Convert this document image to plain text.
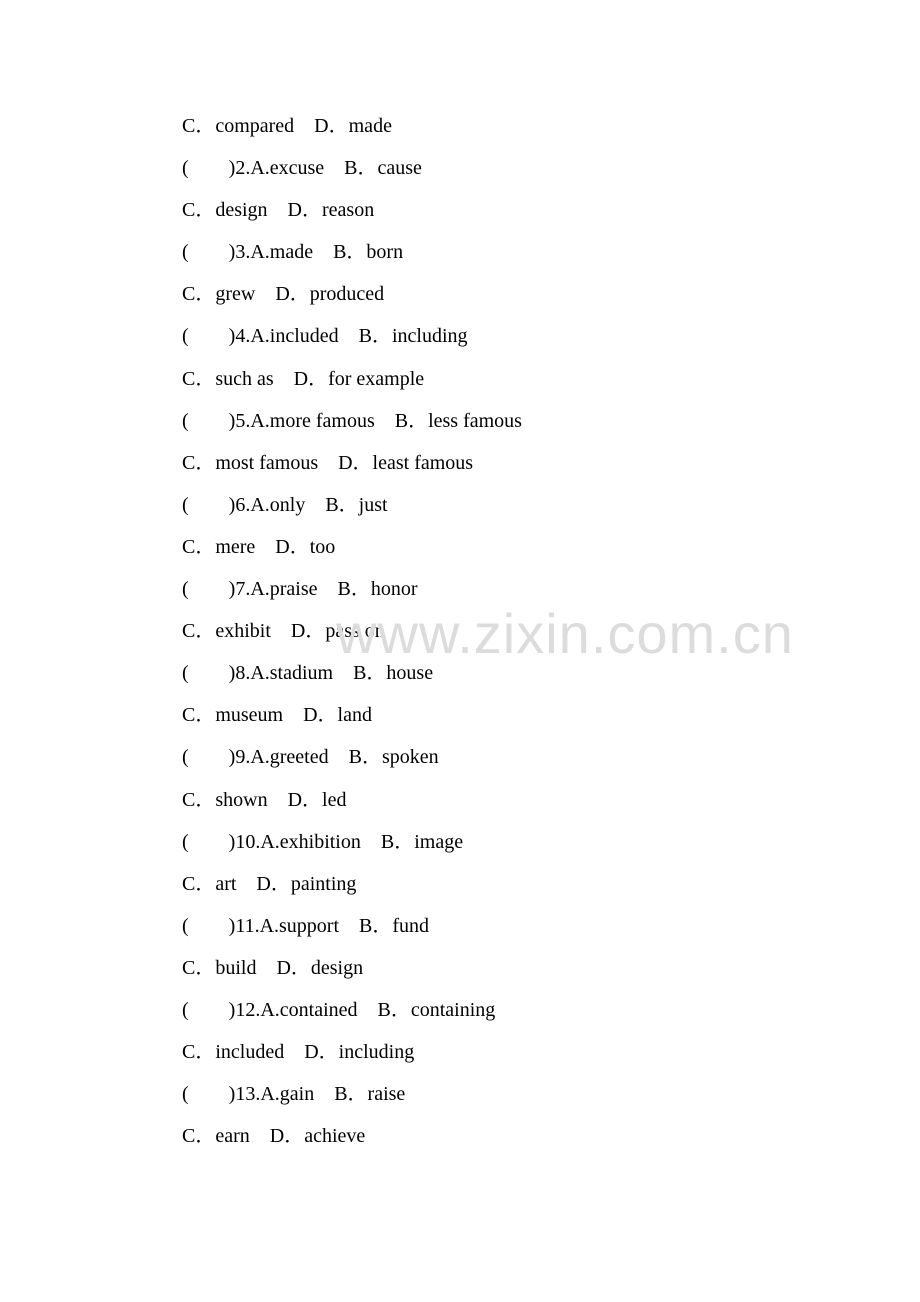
C．compared　D．made
(　　)2.A.excuse　B．cause
C．design　D．reason
(　　)3.A.made　B．born
C．grew　D．produced
(　　)4.A.included　B．including
C．such as　D．for example
(　　)5.A.more famous　B．less famous
C．most famous　D．least famous
(　　)6.A.only　B．just
C．mere　D．too
(　　)7.A.praise　B．honor
C．exhibit　D．pass on
(　　)8.A.stadium　B．house
C．museum　D．land
(　　)9.A.greeted　B．spoken
C．shown　D．led
(　　)10.A.exhibition　B．image
C．art　D．painting
(　　)11.A.support　B．fund
C．build　D．design
(　　)12.A.contained　B．containing
C．included　D．including
(　　)13.A.gain　B．raise
C．earn　D．achieve
www.zixin.com.cn
